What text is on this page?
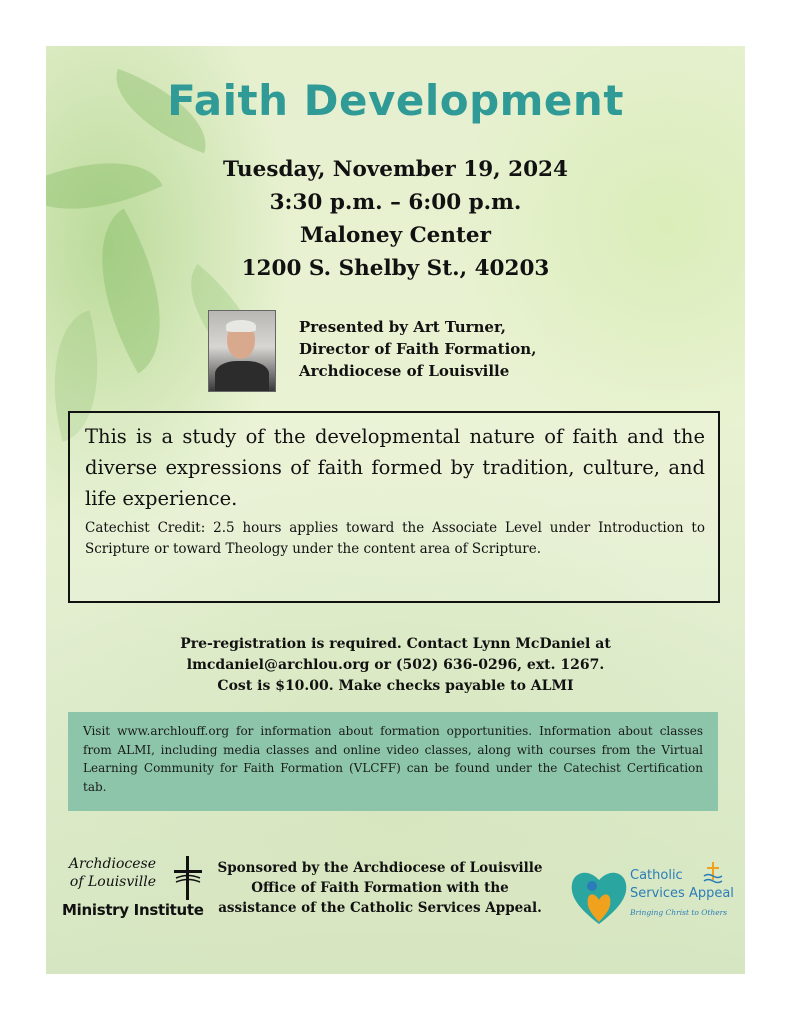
Faith Development
Tuesday, November 19, 2024
3:30 p.m. – 6:00 p.m.
Maloney Center
1200 S. Shelby St., 40203
Presented by Art Turner,
Director of Faith Formation,
Archdiocese of Louisville

This is a study of the developmental nature of faith and the diverse expressions of faith formed by tradition, culture, and life experience.

Catechist Credit: 2.5 hours applies toward the Associate Level under Introduction to Scripture or toward Theology under the content area of Scripture.

Pre-registration is required. Contact Lynn McDaniel at
lmcdaniel@archlou.org or (502) 636-0296, ext. 1267.
Cost is $10.00. Make checks payable to ALMI

Visit www.archlouff.org for information about formation opportunities. Information about classes from ALMI, including media classes and online video classes, along with courses from the Virtual Learning Community for Faith Formation (VLCFF) can be found under the Catechist Certification tab.

Archdiocese
of Louisville
Ministry Institute
Sponsored by the Archdiocese of Louisville
Office of Faith Formation with the
assistance of the Catholic Services Appeal.
Catholic
Services Appeal
Bringing Christ to Others
